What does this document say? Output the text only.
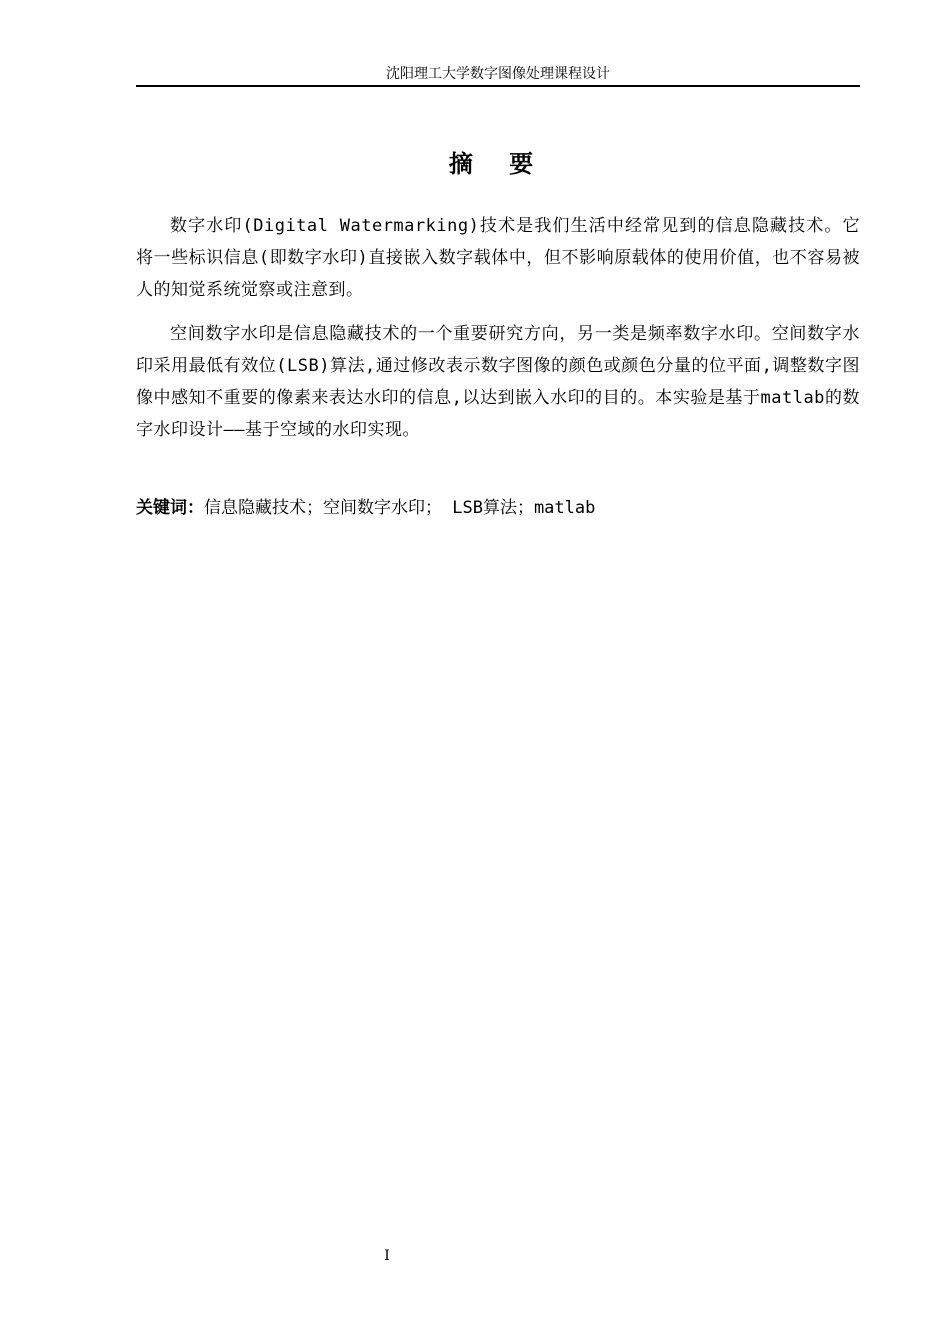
沈阳理工大学数字图像处理课程设计
摘 要
数字水印(Digital Watermarking)技术是我们生活中经常见到的信息隐藏技术。它将一些标识信息(即数字水印)直接嵌入数字载体中，但不影响原载体的使用价值，也不容易被人的知觉系统觉察或注意到。
空间数字水印是信息隐藏技术的一个重要研究方向，另一类是频率数字水印。空间数字水印采用最低有效位(LSB)算法,通过修改表示数字图像的颜色或颜色分量的位平面,调整数字图像中感知不重要的像素来表达水印的信息,以达到嵌入水印的目的。本实验是基于matlab的数字水印设计——基于空域的水印实现。
关键词：信息隐藏技术；空间数字水印； LSB算法；matlab
I
